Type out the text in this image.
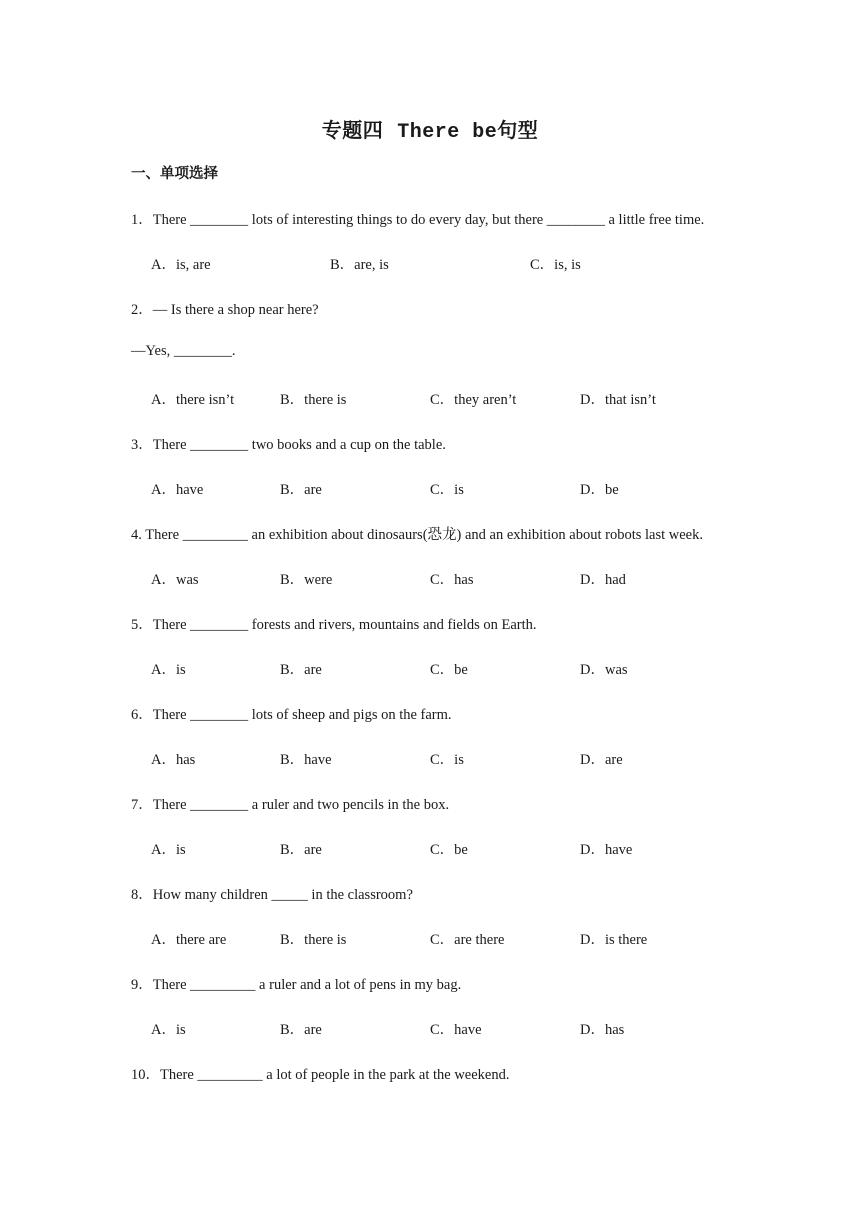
专题四 There be句型
一、单项选择
1．There ________ lots of interesting things to do every day, but there ________ a little free time.
A．is, are	B．are, is	C．is, is
2．— Is there a shop near here?
—Yes, ________.
A．there isn’t	B．there is	C．they aren’t	D．that isn’t
3．There ________ two books and a cup on the table.
A．have	B．are	C．is	D．be
4. There _________ an exhibition about dinosaurs(恐龙) and an exhibition about robots last week.
A．was	B．were	C．has	D．had
5．There ________ forests and rivers, mountains and fields on Earth.
A．is	B．are	C．be	D．was
6．There ________ lots of sheep and pigs on the farm.
A．has	B．have	C．is	D．are
7．There ________ a ruler and two pencils in the box.
A．is	B．are	C．be	D．have
8．How many children _____ in the classroom?
A．there are	B．there is	C．are there	D．is there
9．There _________ a ruler and a lot of pens in my bag.
A．is	B．are	C．have	D．has
10．There _________ a lot of people in the park at the weekend.
